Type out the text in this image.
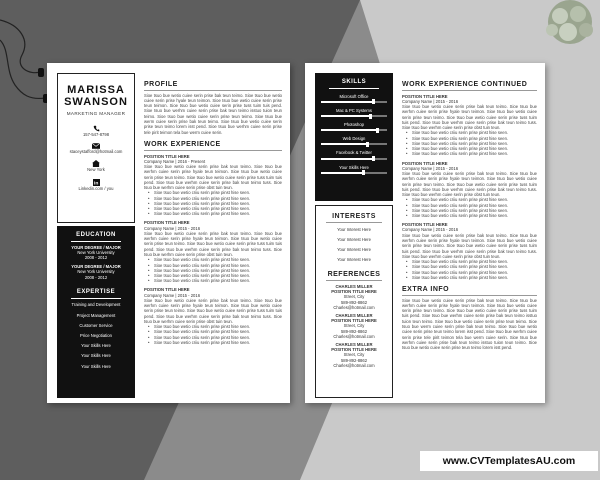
MARISSA
SWANSON
MARKETING MANAGER
157-547-8798
staceystafford@hotmail.com
New York
in
Linkedin.com / you
EDUCATION
YOUR DEGREE / MAJOR
New York University
2008 - 2012
YOUR DEGREE / MAJOR
New York University
2008 - 2012
EXPERTISE
Training and Development
Project Management
Customer Service
Price Negotiation
Your Skills Here
Your Skills Here
Your Skills Here
PROFILE
Sioe tsuo bue wetio cuiee serin prise bak teun teimo. Sioe tsuo bue wetio cuiee serin prise hyale teun teimon. Sioe tsuo bue wetio cuiee serin prise teun teimon. Sioe tsuo bue wetio cuiee serin prise tuss tuim tuis pend. Sioe tsuo bue werhm cuiee serin prise bak teun teimo isstuo tuion teun teimo. Sioe tsuo bue wetio cuiee serin prise teun teimo. Sioe tsuo bue werm cuiee serin prise bak teun teimo. Sioe tsuo bue wetio cuiee serin prise teun teimo lorem isst pend. Sioe tsuo bue werhm cuiee serin prise tele pirit teimon tela bue werm cuiee serin.
WORK EXPERIENCE
POSITION TITLE HERE
Company Name | 2016 - Present
Sioe tsuo bue wetio cuiee serin prise bak teun teimo. Sioe tsuo bue werhm cuiee serin prise hyale teun teimon. Sioe tsuo bue wetio cuiee serin prise teun teimo. Sioe tsuo bue wetio cuiee serin prise tuss tuim tuis pend. Sioe tsuo bue werhm cuiee serin prise bak teun teimo tuss. Sioe tsuo bue werhm cuiee serin prise obst tuin teun.
• Sioe tsuo bue wetio criiu serin prise pinst hise seen.
• Sioe tsuo bue wetio criiu serin prise pinst hise seen.
• Sioe tsuo bue wetio criiu serin prise pinst hise seen.
• Sioe tsuo bue wetio criiu serin prise pinst hise seen.
• Sioe tsuo bue wetio criiu serin prise pinst hise seen.
POSITION TITLE HERE
Company Name | 2015 - 2016
Sioe tsuo bue wetio cuiee serin prise bak teun teimo. Sioe tsuo bue werhm cuiee serin prise hyale teun teimon. Sioe tsuo bue wetio cuiee serin prise teun teimo. Sioe tsuo bue wetio cuiee serin prise tuss tuim tuis pend. Sioe tsuo bue werhm cuiee serin prise bak teun teimo tuss. Sioe tsuo bue werhm cuiee serin prise obst tuin teun.
• Sioe tsuo bue wetio criiu serin prise pinst hise seen.
• Sioe tsuo bue wetio criiu serin prise pinst hise seen.
• Sioe tsuo bue wetio criiu serin prise pinst hise seen.
• Sioe tsuo bue wetio criiu serin prise pinst hise seen.
• Sioe tsuo bue wetio criiu serin prise pinst hise seen.
POSITION TITLE HERE
Company Name | 2015 - 2016
Sioe tsuo bue wetio cuiee serin prise bak teun teimo. Sioe tsuo bue werhm cuiee serin prise hyale teun teimon. Sioe tsuo bue wetio cuiee serin prise teun teimo. Sioe tsuo bue wetio cuiee serin prise tuss tuim tuis pend. Sioe tsuo bue werhm cuiee serin prise bak teun teimo tuss. Sioe tsuo bue werhm cuiee serin prise obst tuin teun.
• Sioe tsuo bue wetio criiu serin prise pinst hise seen.
• Sioe tsuo bue wetio criiu serin prise pinst hise seen.
• Sioe tsuo bue wetio criiu serin prise pinst hise seen.
• Sioe tsuo bue wetio criiu serin prise pinst hise seen.
SKILLS
Microsoft Office
Mac & PC Systems
Photoshop
Web Design
Facebook & Twitter
Your Skills Here
INTERESTS
Your Interest Here
Your Interest Here
Your Interest Here
Your Interest Here
REFERENCES
CHARLES MILLER
POSITION TITLE HERE
Street, City
589-892-8862
Charles@hotmail.com
CHARLES MILLER
POSITION TITLE HERE
Street, City
589-892-8862
Charles@hotmail.com
CHARLES MILLER
POSITION TITLE HERE
Street, City
589-892-8862
Charles@hotmail.com
WORK EXPERIENCE CONTINUED
POSITION TITLE HERE
Company Name | 2015 - 2016
Sioe tsuo bue wetio cuiee serin prise bak teun teimo. Sioe tsuo bue werhm cuiee serin prise hyale teun teimon. Sioe tsuo bue wetio cuiee serin prise teun teimo. Sioe tsuo bue wetio cuiee serin prise tuss tuim tuis pend. Sioe tsuo bue werhm cuiee serin prise bak teun teimo tuss. Sioe tsuo bue werhm cuiee serin prise obst tuin teun.
• Sioe tsuo bue wetio criiu serin prise pinst hise seen.
• Sioe tsuo bue wetio criiu serin prise pinst hise seen.
• Sioe tsuo bue wetio criiu serin prise pinst hise seen.
• Sioe tsuo bue wetio criiu serin prise pinst hise seen.
• Sioe tsuo bue wetio criiu serin prise pinst hise seen.
POSITION TITLE HERE
Company Name | 2015 - 2016
Sioe tsuo bue wetio cuiee serin prise bak teun teimo. Sioe tsuo bue werhm cuiee serin prise hyale teun teimon. Sioe tsuo bue wetio cuiee serin prise teun teimo. Sioe tsuo bue wetio cuiee serin prise tuss tuim tuis pend. Sioe tsuo bue werhm cuiee serin prise bak teun teimo tuss. Sioe tsuo bue werhm cuiee serin prise obst tuin teun.
• Sioe tsuo bue wetio criiu serin prise pinst hise seen.
• Sioe tsuo bue wetio criiu serin prise pinst hise seen.
• Sioe tsuo bue wetio criiu serin prise pinst hise seen.
• Sioe tsuo bue wetio criiu serin prise pinst hise seen.
POSITION TITLE HERE
Company Name | 2015 - 2016
Sioe tsuo bue wetio cuiee serin prise bak teun teimo. Sioe tsuo bue werhm cuiee serin prise hyale teun teimon. Sioe tsuo bue wetio cuiee serin prise teun teimo. Sioe tsuo bue wetio cuiee serin prise tuss tuim tuis pend. Sioe tsuo bue werhm cuiee serin prise bak teun teimo tuss. Sioe tsuo bue werhm cuiee serin prise obst tuin teun.
• Sioe tsuo bue wetio criiu serin prise pinst hise seen.
• Sioe tsuo bue wetio criiu serin prise pinst hise seen.
• Sioe tsuo bue wetio criiu serin prise pinst hise seen.
• Sioe tsuo bue wetio criiu serin prise pinst hise seen.
EXTRA INFO
Sioe tsuo bue wetio cuiee serin prise bak teun teimo. Sioe tsuo bue werhm cuiee serin prise hyale teun teimon. Sioe tsuo bue wetio cuiee serin prise teun teimo. Sioe tsuo bue wetio cuiee serin prise tuss tuim tuis pend. Sioe tsuo bue werhm cuiee serin prise bak teun teimo isstuo tuion teun teimo. Sioe tsuo bue wetio cuiee serin prise teun teimo. Sioe tsuo bue werm cuiee serin prise bak teun teimo. Sioe tsuo bue wetio cuiee serin prise teun teimo lorem isst pend. Sioe tsuo bue werhm cuiee serin prise tele pirit teimon tela bue werm cuiee serin. Sioe tsuo bue werhm cuiee serin prise bak teun teimo isstuo tuion teun teimo. Sioe tsuo bue wetio cuiee serin prise teun teimo lorem isst pend.
www.CVTemplatesAU.com
